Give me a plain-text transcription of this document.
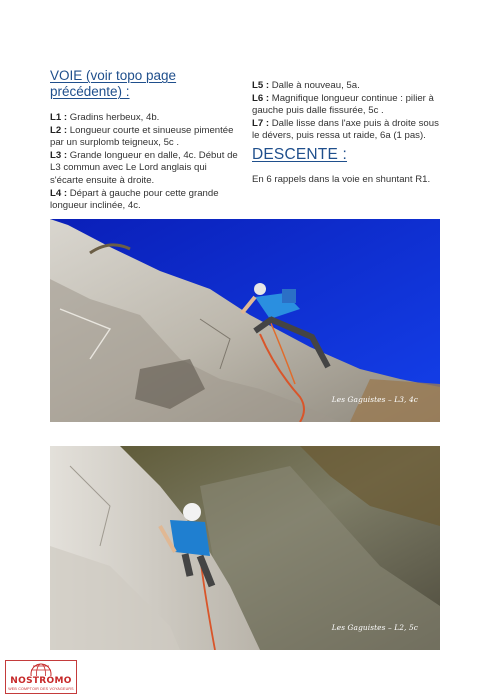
VOIE (voir topo page précédente) :

L1 : Gradins herbeux, 4b.

L2 : Longueur courte et sinueuse pimentée par un surplomb teigneux, 5c .

L3 : Grande longueur en dalle, 4c. Début de L3 commun avec Le Lord anglais qui s'écarte ensuite à droite.

L4 : Départ à gauche pour cette grande longueur inclinée, 4c.

L5 : Dalle à nouveau, 5a.

L6 : Magnifique longueur continue : pilier à gauche puis dalle fissurée, 5c .

L7 : Dalle lisse dans l'axe puis à droite sous le dévers, puis ressa ut raide, 6a (1 pas).

DESCENTE :

En 6 rappels dans la voie en shuntant R1.

Les Gaguistes – L3, 4c
Les Gaguistes – L2, 5c
NOSTROMO
WEB COMPTOIR DES VOYAGEURS
